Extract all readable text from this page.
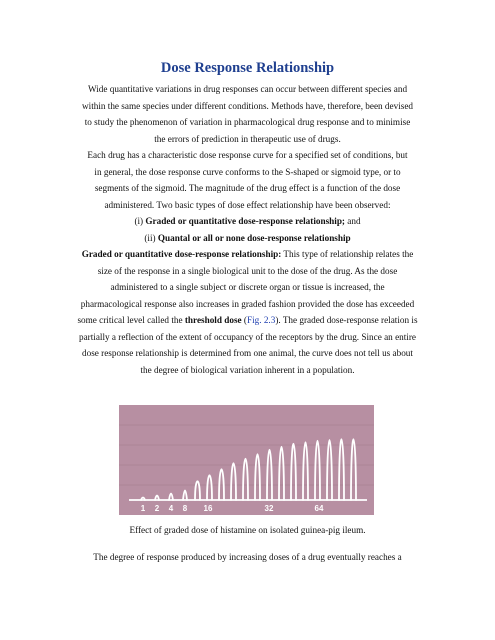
Dose Response Relationship
Wide quantitative variations in drug responses can occur between different species and
within the same species under different conditions. Methods have, therefore, been devised
to study the phenomenon of variation in pharmacological drug response and to minimise
the errors of prediction in therapeutic use of drugs.
Each drug has a characteristic dose response curve for a specified set of conditions, but
in general, the dose response curve conforms to the S-shaped or sigmoid type, or to
segments of the sigmoid. The magnitude of the drug effect is a function of the dose
administered. Two basic types of dose effect relationship have been observed:
(i) Graded or quantitative dose-response relationship; and
(ii) Quantal or all or none dose-response relationship
Graded or quantitative dose-response relationship: This type of relationship relates the
size of the response in a single biological unit to the dose of the drug. As the dose
administered to a single subject or discrete organ or tissue is increased, the
pharmacological response also increases in graded fashion provided the dose has exceeded
some critical level called the threshold dose (Fig. 2.3). The graded dose-response relation is
partially a reflection of the extent of occupancy of the receptors by the drug. Since an entire
dose response relationship is determined from one animal, the curve does not tell us about
the degree of biological variation inherent in a population.
1 2 4 8 16	32	64
Effect of graded dose of histamine on isolated guinea-pig ileum.
The degree of response produced by increasing doses of a drug eventually reaches a
